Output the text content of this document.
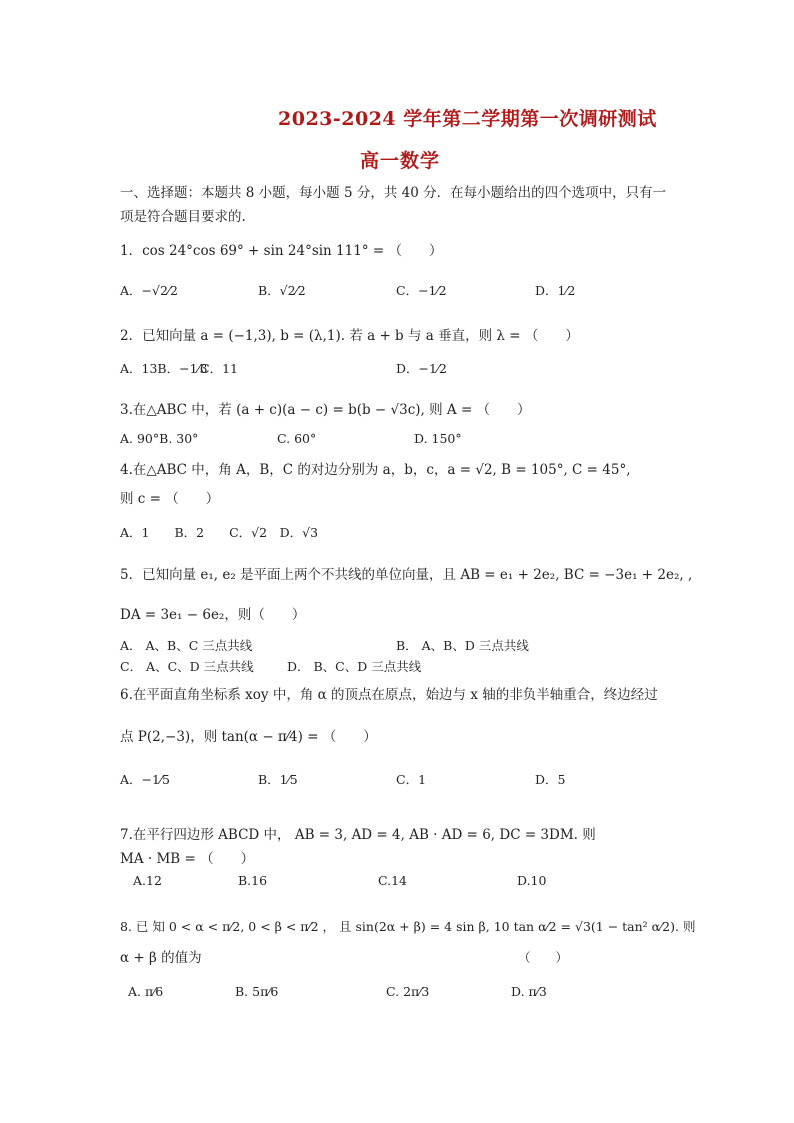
2023-2024 学年第二学期第一次调研测试
高一数学
一、选择题：本题共 8 小题，每小题 5 分，共 40 分．在每小题给出的四个选项中，只有一
项是符合题目要求的.
1．cos 24°cos 69° + sin 24°sin 111° = （　　）
A．−√2⁄2	B．√2⁄2	C．−1⁄2	D．1⁄2
2．已知向量 a = (−1,3), b = (λ,1). 若 a + b 与 a 垂直，则 λ = （　　）
A．13B．−1⁄3
C．11	D．−1⁄2
3.在△ABC 中，若 (a + c)(a − c) = b(b − √3c), 则 A = （　　）
A. 90°B. 30°	C. 60°	D. 150°
4.在△ABC 中，角 A，B，C 的对边分别为 a，b，c，a = √2, B = 105°, C = 45°,
则 c = （　　）
A．1　　B．2　　C．√2　D．√3
5．已知向量 e₁, e₂ 是平面上两个不共线的单位向量，且 AB = e₁ + 2e₂, BC = −3e₁ + 2e₂, ,
DA = 3e₁ − 6e₂，则（　　）
A． A、B、C 三点共线	B． A、B、D 三点共线
C． A、C、D 三点共线	D． B、C、D 三点共线
6.在平面直角坐标系 xoy 中，角 α 的顶点在原点，始边与 x 轴的非负半轴重合，终边经过
点 P(2,−3)，则 tan(α − π⁄4) = （　　）
A．−1⁄5	B．1⁄5	C．1	D．5
7.在平行四边形 ABCD 中， AB = 3, AD = 4, AB · AD = 6, DC = 3DM. 则
MA · MB = （　　）
A.12	B.16	C.14	D.10
8. 已 知 0 < α < π⁄2, 0 < β < π⁄2 ， 且 sin(2α + β) = 4 sin β, 10 tan α⁄2 = √3(1 − tan² α⁄2). 则
α + β 的值为	（　　）
A. π⁄6	B. 5π⁄6	C. 2π⁄3	D. π⁄3
